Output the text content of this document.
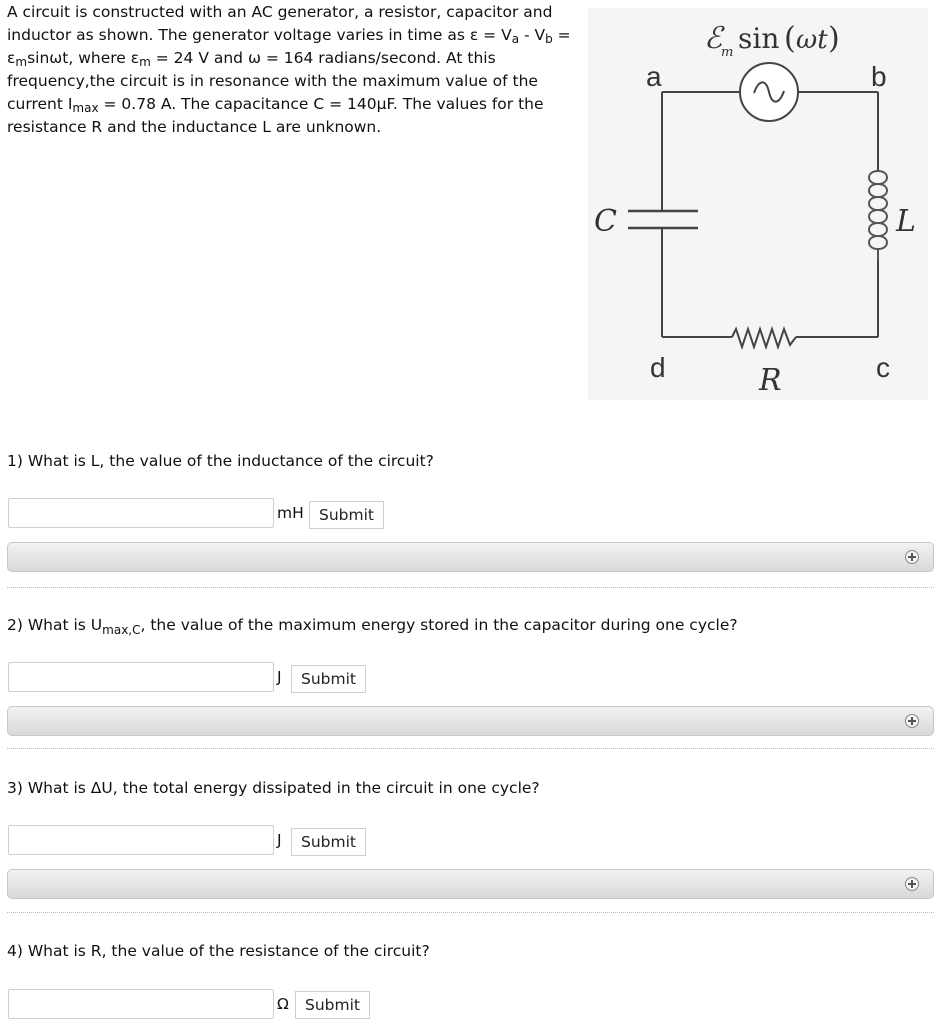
A circuit is constructed with an AC generator, a resistor, capacitor and inductor as shown. The generator voltage varies in time as $\varepsilon = V_a - V_b = \varepsilon_m\sin\omega t$, where $\varepsilon_m = 24$ V and ω = 164 radians/second. At this frequency,the circuit is in resonance with the maximum value of the current $I_{max} = 0.78$ A. The capacitance C = 140μF. The values for the resistance R and the inductance L are unknown.
ℰ
m sin ( ωt )
a	b
C	L
d	c
R
1) What is L, the value of the inductance of the circuit?
mH Submit
2) What is $U_{max,C}$, the value of the maximum energy stored in the capacitor during one cycle?
J	Submit
3) What is ΔU, the total energy dissipated in the circuit in one cycle?
J	Submit
4) What is R, the value of the resistance of the circuit?
Ω	Submit
